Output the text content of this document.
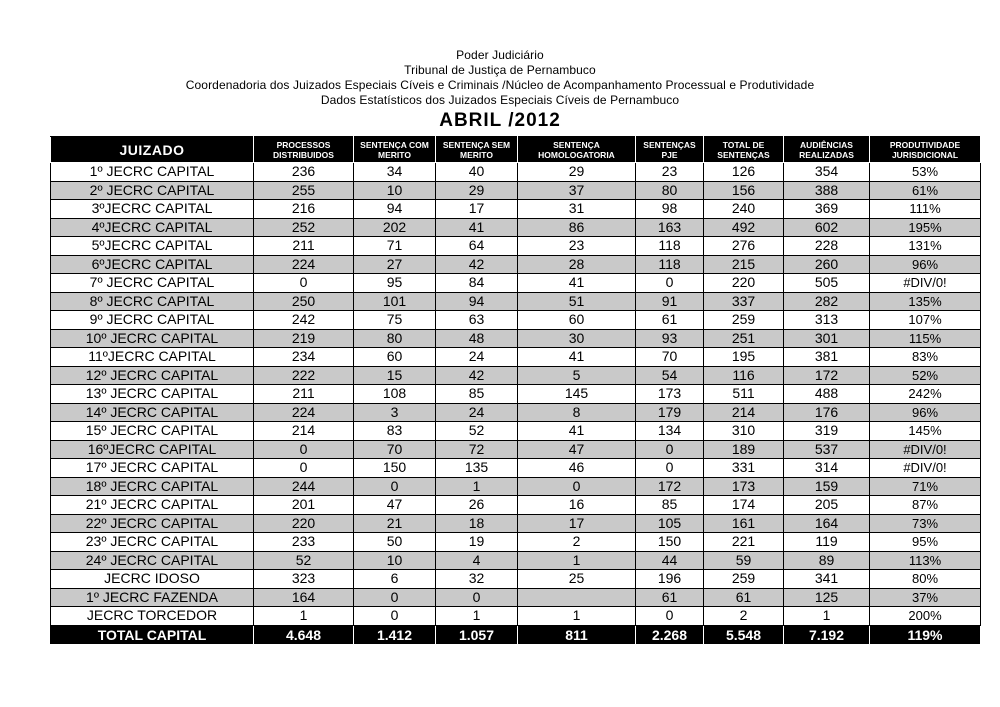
Poder Judiciário
Tribunal de Justiça de Pernambuco
Coordenadoria dos Juizados Especiais Cíveis e Criminais /Núcleo de Acompanhamento Processual e Produtividade
Dados Estatísticos dos Juizados Especiais Cíveis de Pernambuco
ABRIL /2012
JUIZADO	PROCESSOS DISTRIBUIDOS	SENTENÇA COM MERITO	SENTENÇA SEM MERITO	SENTENÇA HOMOLOGATORIA	SENTENÇAS PJE	TOTAL DE SENTENÇAS	AUDIÊNCIAS REALIZADAS	PRODUTIVIDADE JURISDICIONAL
1º JECRC CAPITAL	236	34	40	29	23	126	354	53%
2º JECRC CAPITAL	255	10	29	37	80	156	388	61%
3ºJECRC CAPITAL	216	94	17	31	98	240	369	111%
4ºJECRC CAPITAL	252	202	41	86	163	492	602	195%
5ºJECRC CAPITAL	211	71	64	23	118	276	228	131%
6ºJECRC CAPITAL	224	27	42	28	118	215	260	96%
7º JECRC CAPITAL	0	95	84	41	0	220	505	#DIV/0!
8º JECRC CAPITAL	250	101	94	51	91	337	282	135%
9º JECRC CAPITAL	242	75	63	60	61	259	313	107%
10º JECRC CAPITAL	219	80	48	30	93	251	301	115%
11ºJECRC CAPITAL	234	60	24	41	70	195	381	83%
12º JECRC CAPITAL	222	15	42	5	54	116	172	52%
13º JECRC CAPITAL	211	108	85	145	173	511	488	242%
14º JECRC CAPITAL	224	3	24	8	179	214	176	96%
15º JECRC CAPITAL	214	83	52	41	134	310	319	145%
16ºJECRC CAPITAL	0	70	72	47	0	189	537	#DIV/0!
17º JECRC CAPITAL	0	150	135	46	0	331	314	#DIV/0!
18º JECRC CAPITAL	244	0	1	0	172	173	159	71%
21º JECRC CAPITAL	201	47	26	16	85	174	205	87%
22º JECRC CAPITAL	220	21	18	17	105	161	164	73%
23º JECRC CAPITAL	233	50	19	2	150	221	119	95%
24º JECRC CAPITAL	52	10	4	1	44	59	89	113%
JECRC IDOSO	323	6	32	25	196	259	341	80%
1º JECRC FAZENDA	164	0	0		61	61	125	37%
JECRC TORCEDOR	1	0	1	1	0	2	1	200%
TOTAL CAPITAL	4.648	1.412	1.057	811	2.268	5.548	7.192	119%
